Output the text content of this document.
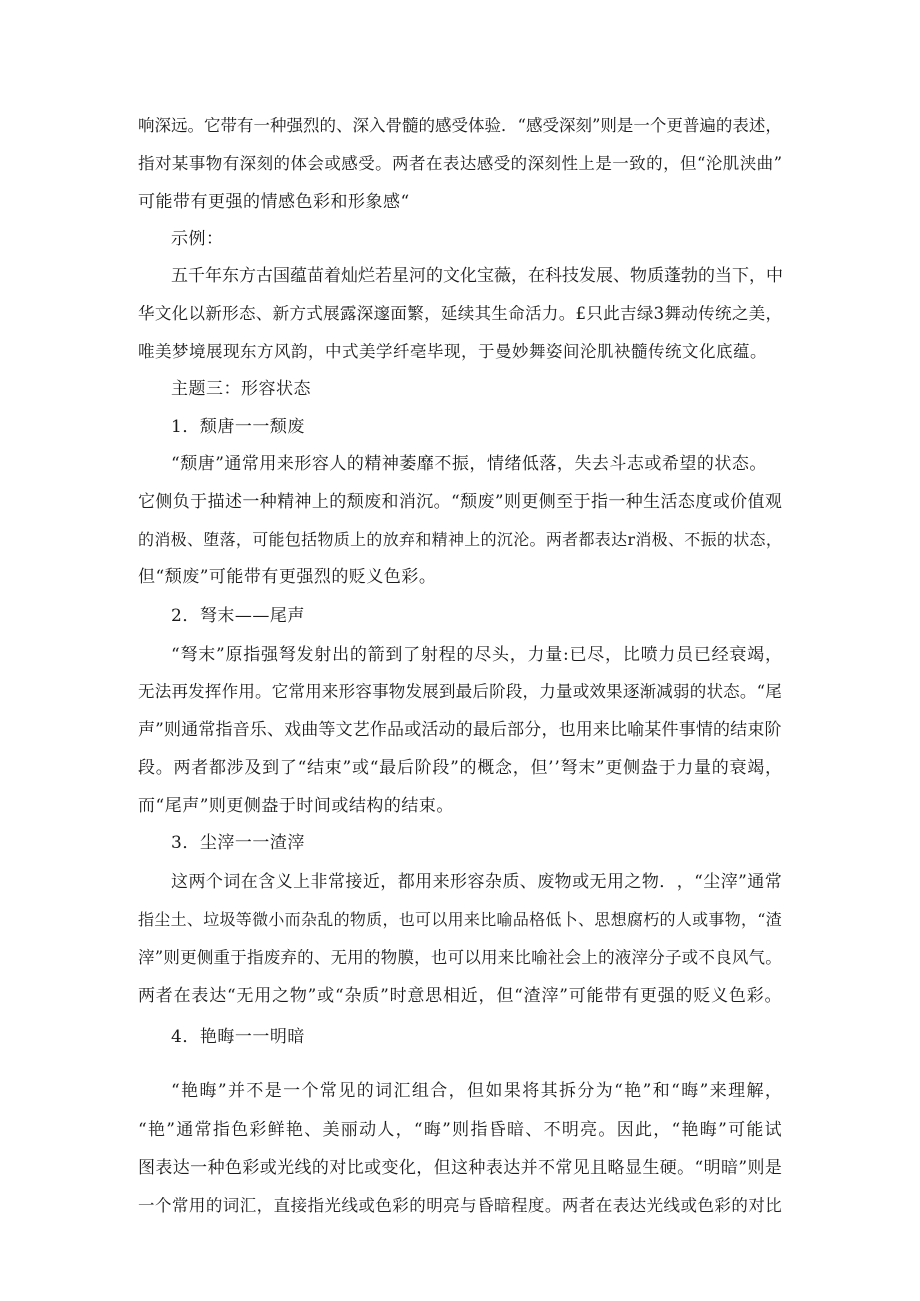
响 深 远 。 它 带 有 一 种 强 烈 的 、 深 入 骨 髓 的 感 受 体 验 ． “ 感 受 深 刻 ” 则 是 一 个 更 普 遍 的 表 述 ，
指 对 某 事 物 有 深 刻 的 体 会 或 感 受 。 两 者 在 表 达 感 受 的 深 刻 性 上 是 一 致 的 ， 但 “ 沦 肌 浃 曲 ”
可能带有更强的情感色彩和形象感“
示例：
五 千 年 东 方 古 国 蕴 苗 着 灿 烂 若 星 河 的 文 化 宝 薇 ， 在 科 技 发 展 、 物 质 蓬 勃 的 当 下 ， 中
华 文 化 以 新 形 态 、 新 方 式 展 露 深 邃 面 繁 ， 延 续 其 生 命 活 力 。 £ 只 此 吉 绿 3 舞 动 传 统 之 美 ，
唯美梦境展现东方风韵，中式美学纤亳毕现，于曼妙舞姿间沦肌袂髓传统文化底蕴。
主题三：形容状态
1．颓唐一一颓废
“颓唐”通常用来形容人的精神萎靡不振，情绪低落，失去斗志或希望的状态。
它 侧 负 于 描 述 一 种 精 神 上 的 颓 废 和 消 沉 。 “ 颓 废 ” 则 更 侧 至 于 指 一 种 生 活 态 度 或 价 值 观
的 消 极 、 堕 落 ， 可 能 包 括 物 质 上 的 放 弃 和 精 神 上 的 沉 沦 。 两 者 都 表 达 r 消 极 、 不 振 的 状 态 ，
但“颓废”可能带有更强烈的贬义色彩。
2．弩末——尾声
“ 弩 末 ” 原 指 强 弩 发 射 出 的 箭 到 了 射 程 的 尽 头 ， 力 量 : 已 尽 ， 比 喷 力 员 已 经 衰 竭 ，
无 法 再 发 挥 作 用 。 它 常 用 来 形 容 事 物 发 展 到 最 后 阶 段 ， 力 量 或 效 果 逐 渐 减 弱 的 状 态 。 “ 尾
声 ” 则 通 常 指 音 乐 、 戏 曲 等 文 艺 作 品 或 活 动 的 最 后 部 分 ， 也 用 来 比 喻 某 件 事 情 的 结 束 阶
段 。 两 者 都 涉 及 到 了 “ 结 束 ” 或 “ 最 后 阶 段 ” 的 概 念 ， 但 ’ ’ 弩 末 ” 更 侧 盎 于 力 量 的 衰 竭 ，
而“尾声”则更侧盎于时间或结构的结束。
3．尘滓一一渣滓
这 两 个 词 在 含 义 上 非 常 接 近 ， 都 用 来 形 容 杂 质 、 废 物 或 无 用 之 物 ． ， “ 尘 滓 ” 通 常
指 尘 土 、 垃 圾 等 微 小 而 杂 乱 的 物 质 ， 也 可 以 用 来 比 喻 品 格 低 卜 、 思 想 腐 朽 的 人 或 事 物 ， “ 渣
滓 ” 则 更 侧 重 于 指 废 弃 的 、 无 用 的 物 膜 ， 也 可 以 用 来 比 喻 社 会 上 的 液 滓 分 子 或 不 良 风 气 。
两 者 在 表 达 “ 无 用 之 物 ” 或 “ 杂 质 ” 时 意 思 相 近 ， 但 “ 渣 滓 ” 可 能 带 有 更 强 的 贬 义 色 彩 。
4．艳晦一一明暗
“ 艳 晦 ” 并 不 是 一 个 常 见 的 词 汇 组 合 ， 但 如 果 将 其 拆 分 为 “ 艳 ” 和 “ 晦 ” 来 理 解 ，
“ 艳 ” 通 常 指 色 彩 鲜 艳 、 美 丽 动 人 ， “ 晦 ” 则 指 昏 暗 、 不 明 亮 。 因 此 ， “ 艳 晦 ” 可 能 试
图 表 达 一 种 色 彩 或 光 线 的 对 比 或 变 化 ， 但 这 种 表 达 并 不 常 见 且 略 显 生 硬 。 “ 明 暗 ” 则 是
一 个 常 用 的 词 汇 ， 直 接 指 光 线 或 色 彩 的 明 亮 与 昏 暗 程 度 。 两 者 在 表 达 光 线 或 色 彩 的 对 比
